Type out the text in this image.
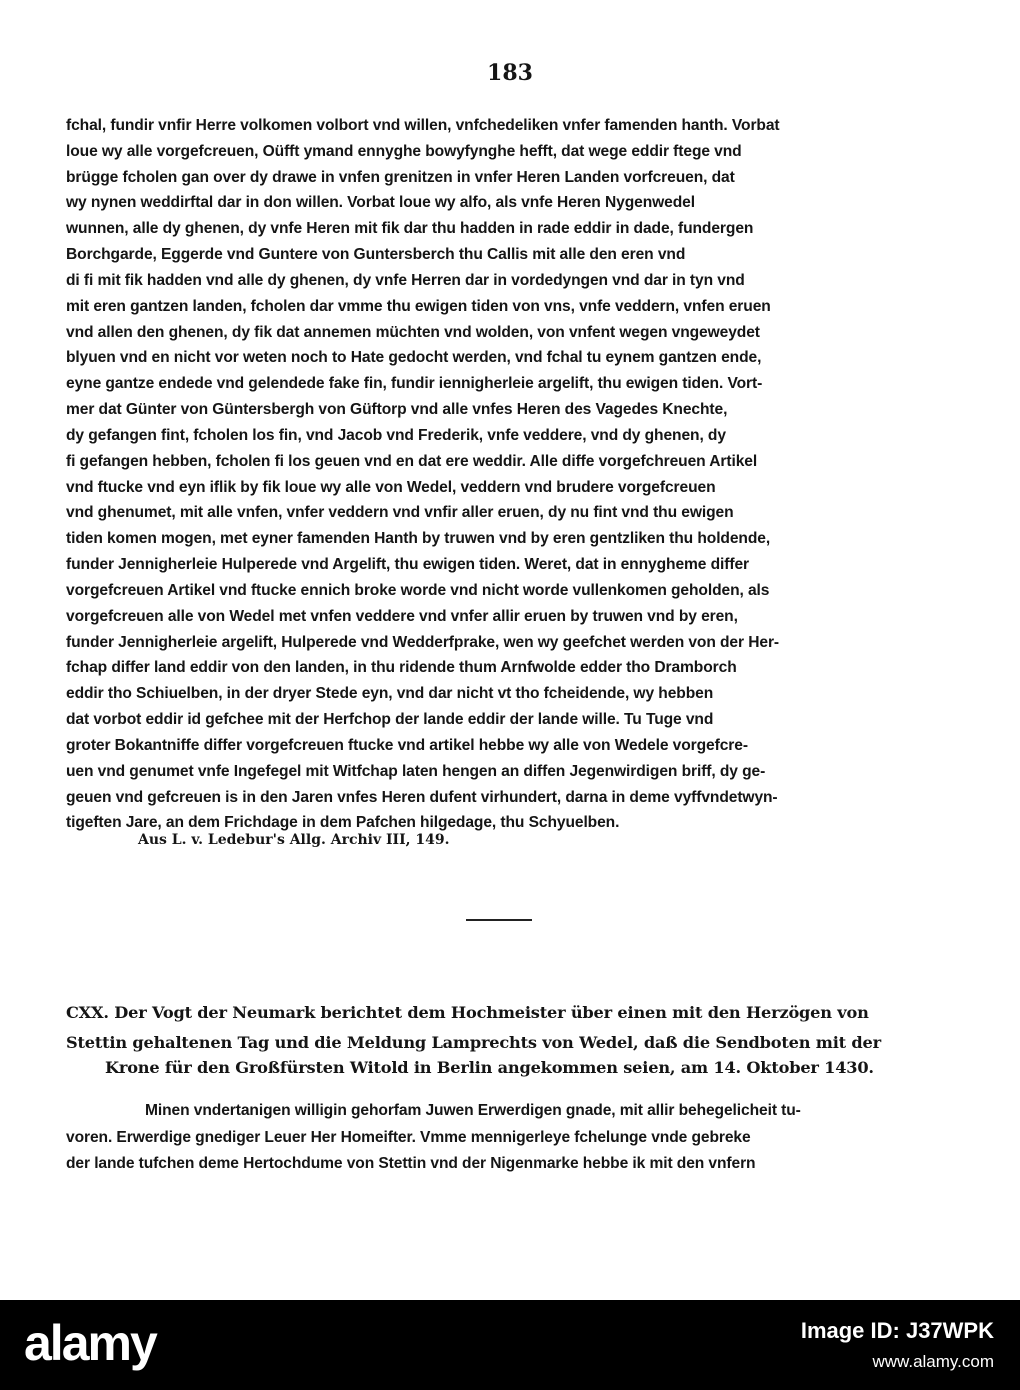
183
fchal, fundir vnfir Herre volkomen volbort vnd willen, vnfchedeliken vnfer famenden hanth. Vorbat
loue wy alle vorgefcreuen, Oüfft ymand ennyghe bowyfynghe hefft, dat wege eddir ftege vnd
brügge fcholen gan over dy drawe in vnfen grenitzen in vnfer Heren Landen vorfcreuen, dat
wy nynen weddirftal dar in don willen. Vorbat loue wy alfo, als vnfe Heren Nygenwedel
wunnen, alle dy ghenen, dy vnfe Heren mit fik dar thu hadden in rade eddir in dade, fundergen
Borchgarde, Eggerde vnd Guntere von Guntersberch thu Callis mit alle den eren vnd
di fi mit fik hadden vnd alle dy ghenen, dy vnfe Herren dar in vordedyngen vnd dar in tyn vnd
mit eren gantzen landen, fcholen dar vmme thu ewigen tiden von vns, vnfe veddern, vnfen eruen
vnd allen den ghenen, dy fik dat annemen müchten vnd wolden, von vnfent wegen vngeweydet
blyuen vnd en nicht vor weten noch to Hate gedocht werden, vnd fchal tu eynem gantzen ende,
eyne gantze endede vnd gelendede fake fin, fundir iennigherleie argelift, thu ewigen tiden. Vort-
mer dat Günter von Güntersbergh von Güftorp vnd alle vnfes Heren des Vagedes Knechte,
dy gefangen fint, fcholen los fin, vnd Jacob vnd Frederik, vnfe veddere, vnd dy ghenen, dy
fi gefangen hebben, fcholen fi los geuen vnd en dat ere weddir. Alle diffe vorgefchreuen Artikel
vnd ftucke vnd eyn iflik by fik loue wy alle von Wedel, veddern vnd brudere vorgefcreuen
vnd ghenumet, mit alle vnfen, vnfer veddern vnd vnfir aller eruen, dy nu fint vnd thu ewigen
tiden komen mogen, met eyner famenden Hanth by truwen vnd by eren gentzliken thu holdende,
funder Jennigherleie Hulperede vnd Argelift, thu ewigen tiden. Weret, dat in ennygheme differ
vorgefcreuen Artikel vnd ftucke ennich broke worde vnd nicht worde vullenkomen geholden, als
vorgefcreuen alle von Wedel met vnfen veddere vnd vnfer allir eruen by truwen vnd by eren,
funder Jennigherleie argelift, Hulperede vnd Wedderfprake, wen wy geefchet werden von der Her-
fchap differ land eddir von den landen, in thu ridende thum Arnfwolde edder tho Dramborch
eddir tho Schiuelben, in der dryer Stede eyn, vnd dar nicht vt tho fcheidende, wy hebben
dat vorbot eddir id gefchee mit der Herfchop der lande eddir der lande wille. Tu Tuge vnd
groter Bokantniffe differ vorgefcreuen ftucke vnd artikel hebbe wy alle von Wedele vorgefcre-
uen vnd genumet vnfe Ingefegel mit Witfchap laten hengen an diffen Jegenwirdigen briff, dy ge-
geuen vnd gefcreuen is in den Jaren vnfes Heren dufent virhundert, darna in deme vyffvndetwyn-
tigeften Jare, an dem Frichdage in dem Pafchen hilgedage, thu Schyuelben.
Aus L. v. Ledebur's Allg. Archiv III, 149.
CXX. Der Vogt der Neumark berichtet dem Hochmeister über einen mit den Herzögen von
Stettin gehaltenen Tag und die Meldung Lamprechts von Wedel, daß die Sendboten mit der
Krone für den Großfürsten Witold in Berlin angekommen seien, am 14. Oktober 1430.
Minen vndertanigen willigin gehorfam Juwen Erwerdigen gnade, mit allir behegelicheit tu-
voren. Erwerdige gnediger Leuer Her Homeifter. Vmme mennigerleye fchelunge vnde gebreke
der lande tufchen deme Hertochdume von Stettin vnd der Nigenmarke hebbe ik mit den vnfern
alamy	Image ID: J37WPK
www.alamy.com
